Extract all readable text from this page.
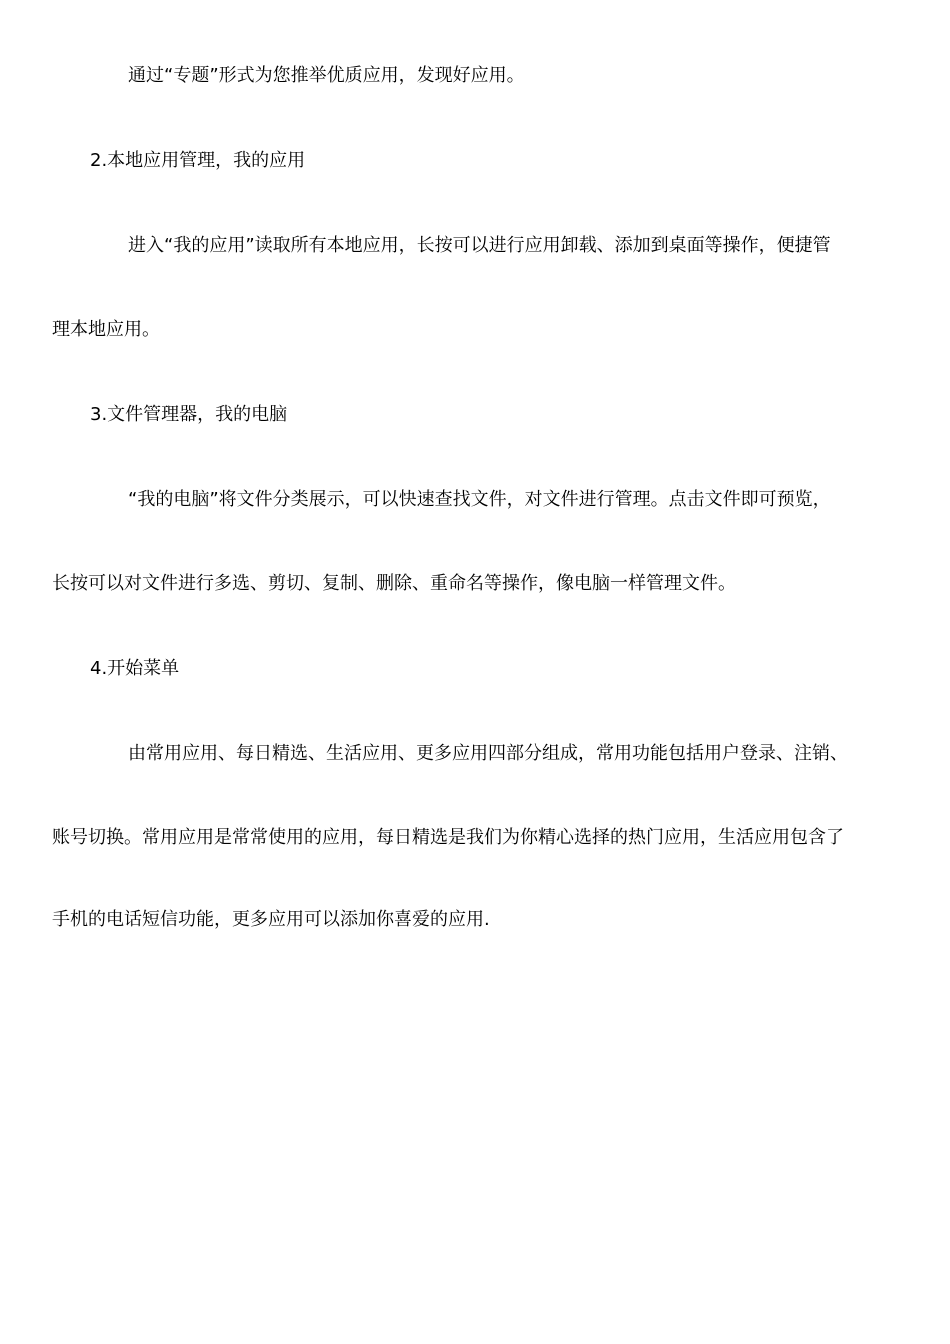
通过“专题”形式为您推举优质应用，发现好应用。
2.本地应用管理，我的应用
进入“我的应用”读取所有本地应用，长按可以进行应用卸载、添加到桌面等操作，便捷管
理本地应用。
3.文件管理器，我的电脑
“我的电脑”将文件分类展示，可以快速查找文件，对文件进行管理。点击文件即可预览，
长按可以对文件进行多选、剪切、复制、删除、重命名等操作，像电脑一样管理文件。
4.开始菜单
由常用应用、每日精选、生活应用、更多应用四部分组成，常用功能包括用户登录、注销、
账号切换。常用应用是常常使用的应用，每日精选是我们为你精心选择的热门应用，生活应用包含了
手机的电话短信功能，更多应用可以添加你喜爱的应用.
